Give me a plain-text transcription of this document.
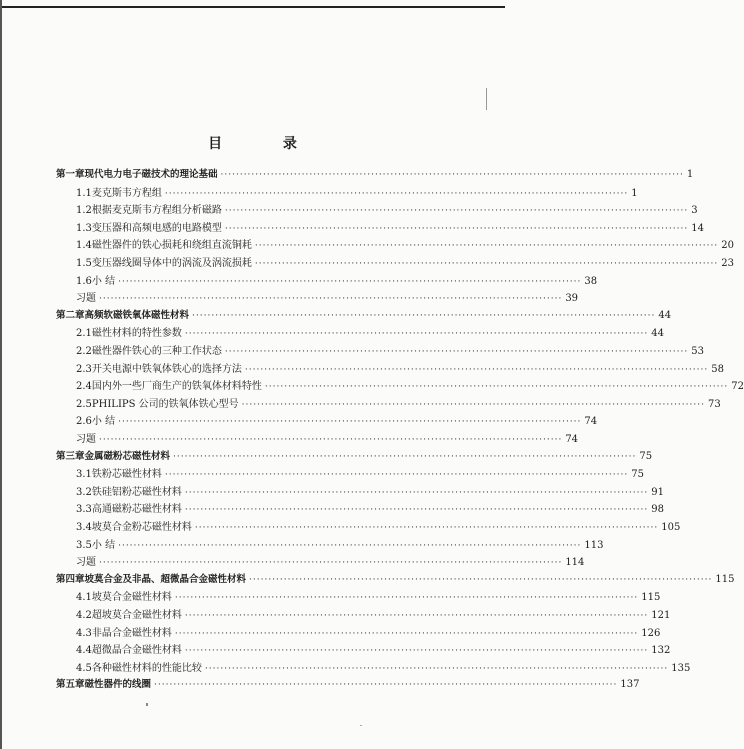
目 录
第一章 现代电力电子磁技术的理论基础 ························································································································ 1
1.1 麦克斯韦方程组 ························································································································ 1
1.2 根据麦克斯韦方程组分析磁路 ························································································································ 3
1.3 变压器和高频电感的电路模型 ························································································································ 14
1.4 磁性器件的铁心损耗和绕组直流铜耗 ························································································································ 20
1.5 变压器线圈导体中的涡流及涡流损耗 ························································································································ 23
1.6 小 结 ························································································································ 38
习 题 ························································································································ 39
第二章 高频软磁铁氧体磁性材料 ························································································································ 44
2.1 磁性材料的特性参数 ························································································································ 44
2.2 磁性器件铁心的三种工作状态 ························································································································ 53
2.3 开关电源中铁氧体铁心的选择方法 ························································································································ 58
2.4 国内外一些厂商生产的铁氧体材料特性 ························································································································ 72
2.5 PHILIPS 公司的铁氧体铁心型号 ························································································································ 73
2.6 小 结 ························································································································ 74
习 题 ························································································································ 74
第三章 金属磁粉芯磁性材料 ························································································································ 75
3.1 铁粉芯磁性材料 ························································································································ 75
3.2 铁硅铝粉芯磁性材料 ························································································································ 91
3.3 高通磁粉芯磁性材料 ························································································································ 98
3.4 坡莫合金粉芯磁性材料 ························································································································ 105
3.5 小 结 ························································································································ 113
习 题 ························································································································ 114
第四章 坡莫合金及非晶、超微晶合金磁性材料 ························································································································ 115
4.1 坡莫合金磁性材料 ························································································································ 115
4.2 超坡莫合金磁性材料 ························································································································ 121
4.3 非晶合金磁性材料 ························································································································ 126
4.4 超微晶合金磁性材料 ························································································································ 132
4.5 各种磁性材料的性能比较 ························································································································ 135
第五章 磁性器件的线圈 ························································································································ 137
